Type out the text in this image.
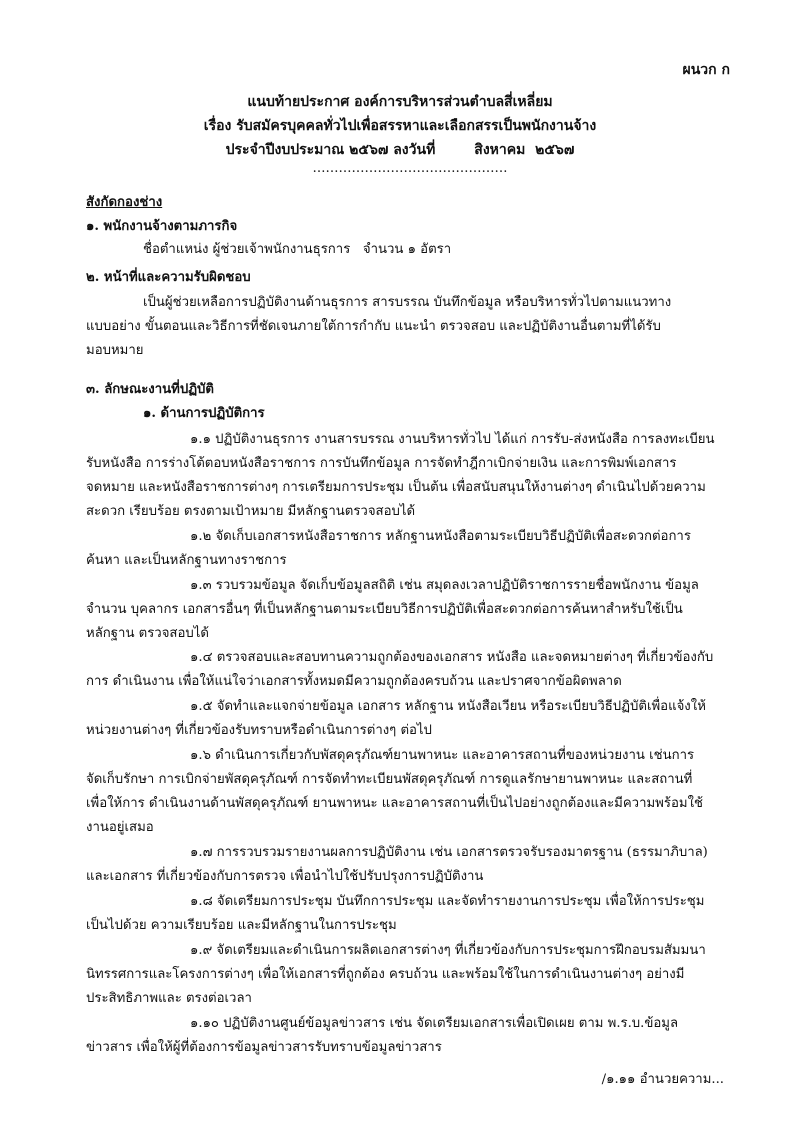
ผนวก ก
แนบท้ายประกาศ องค์การบริหารส่วนตำบลสี่เหลี่ยม
เรื่อง รับสมัครบุคคลทั่วไปเพื่อสรรหาและเลือกสรรเป็นพนักงานจ้าง
ประจำปีงบประมาณ ๒๕๖๗ ลงวันที่        สิงหาคม  ๒๕๖๗
………………………………………
สังกัดกองช่าง
๑. พนักงานจ้างตามภารกิจ
ชื่อตำแหน่ง ผู้ช่วยเจ้าพนักงานธุรการ   จำนวน ๑ อัตรา
๒. หน้าที่และความรับผิดชอบ
เป็นผู้ช่วยเหลือการปฏิบัติงานด้านธุรการ สารบรรณ บันทึกข้อมูล หรือบริหารทั่วไปตามแนวทาง
แบบอย่าง ขั้นตอนและวิธีการที่ชัดเจนภายใต้การกำกับ แนะนำ ตรวจสอบ และปฏิบัติงานอื่นตามที่ได้รับ
มอบหมาย
๓. ลักษณะงานที่ปฏิบัติ
๑. ด้านการปฏิบัติการ
๑.๑ ปฏิบัติงานธุรการ งานสารบรรณ งานบริหารทั่วไป ได้แก่ การรับ-ส่งหนังสือ การลงทะเบียน
รับหนังสือ การร่างโต้ตอบหนังสือราชการ การบันทึกข้อมูล การจัดทำฎีกาเบิกจ่ายเงิน และการพิมพ์เอกสาร
จดหมาย และหนังสือราชการต่างๆ การเตรียมการประชุม เป็นต้น เพื่อสนับสนุนให้งานต่างๆ ดำเนินไปด้วยความ
สะดวก เรียบร้อย ตรงตามเป้าหมาย มีหลักฐานตรวจสอบได้
๑.๒ จัดเก็บเอกสารหนังสือราชการ หลักฐานหนังสือตามระเบียบวิธีปฏิบัติเพื่อสะดวกต่อการ
ค้นหา และเป็นหลักฐานทางราชการ
๑.๓ รวบรวมข้อมูล จัดเก็บข้อมูลสถิติ เช่น สมุดลงเวลาปฏิบัติราชการรายชื่อพนักงาน ข้อมูล
จำนวน บุคลากร เอกสารอื่นๆ ที่เป็นหลักฐานตามระเบียบวิธีการปฏิบัติเพื่อสะดวกต่อการค้นหาสำหรับใช้เป็น
หลักฐาน ตรวจสอบได้
๑.๔ ตรวจสอบและสอบทานความถูกต้องของเอกสาร หนังสือ และจดหมายต่างๆ ที่เกี่ยวข้องกับ
การ ดำเนินงาน เพื่อให้แน่ใจว่าเอกสารทั้งหมดมีความถูกต้องครบถ้วน และปราศจากข้อผิดพลาด
๑.๕ จัดทำและแจกจ่ายข้อมูล เอกสาร หลักฐาน หนังสือเวียน หรือระเบียบวิธีปฏิบัติเพื่อแจ้งให้
หน่วยงานต่างๆ ที่เกี่ยวข้องรับทราบหรือดำเนินการต่างๆ ต่อไป
๑.๖ ดำเนินการเกี่ยวกับพัสดุครุภัณฑ์ยานพาหนะ และอาคารสถานที่ของหน่วยงาน เช่นการ
จัดเก็บรักษา การเบิกจ่ายพัสดุครุภัณฑ์ การจัดทำทะเบียนพัสดุครุภัณฑ์ การดูแลรักษายานพาหนะ และสถานที่
เพื่อให้การ ดำเนินงานด้านพัสดุครุภัณฑ์ ยานพาหนะ และอาคารสถานที่เป็นไปอย่างถูกต้องและมีความพร้อมใช้
งานอยู่เสมอ
๑.๗ การรวบรวมรายงานผลการปฏิบัติงาน เช่น เอกสารตรวจรับรองมาตรฐาน (ธรรมาภิบาล)
และเอกสาร ที่เกี่ยวข้องกับการตรวจ เพื่อนำไปใช้ปรับปรุงการปฏิบัติงาน
๑.๘ จัดเตรียมการประชุม บันทึกการประชุม และจัดทำรายงานการประชุม เพื่อให้การประชุม
เป็นไปด้วย ความเรียบร้อย และมีหลักฐานในการประชุม
๑.๙ จัดเตรียมและดำเนินการผลิตเอกสารต่างๆ ที่เกี่ยวข้องกับการประชุมการฝึกอบรมสัมมนา
นิทรรศการและโครงการต่างๆ เพื่อให้เอกสารที่ถูกต้อง ครบถ้วน และพร้อมใช้ในการดำเนินงานต่างๆ อย่างมี
ประสิทธิภาพและ ตรงต่อเวลา
๑.๑๐ ปฏิบัติงานศูนย์ข้อมูลข่าวสาร เช่น จัดเตรียมเอกสารเพื่อเปิดเผย ตาม พ.ร.บ.ข้อมูล
ข่าวสาร เพื่อให้ผู้ที่ต้องการข้อมูลข่าวสารรับทราบข้อมูลข่าวสาร
/๑.๑๑ อำนวยความ...
